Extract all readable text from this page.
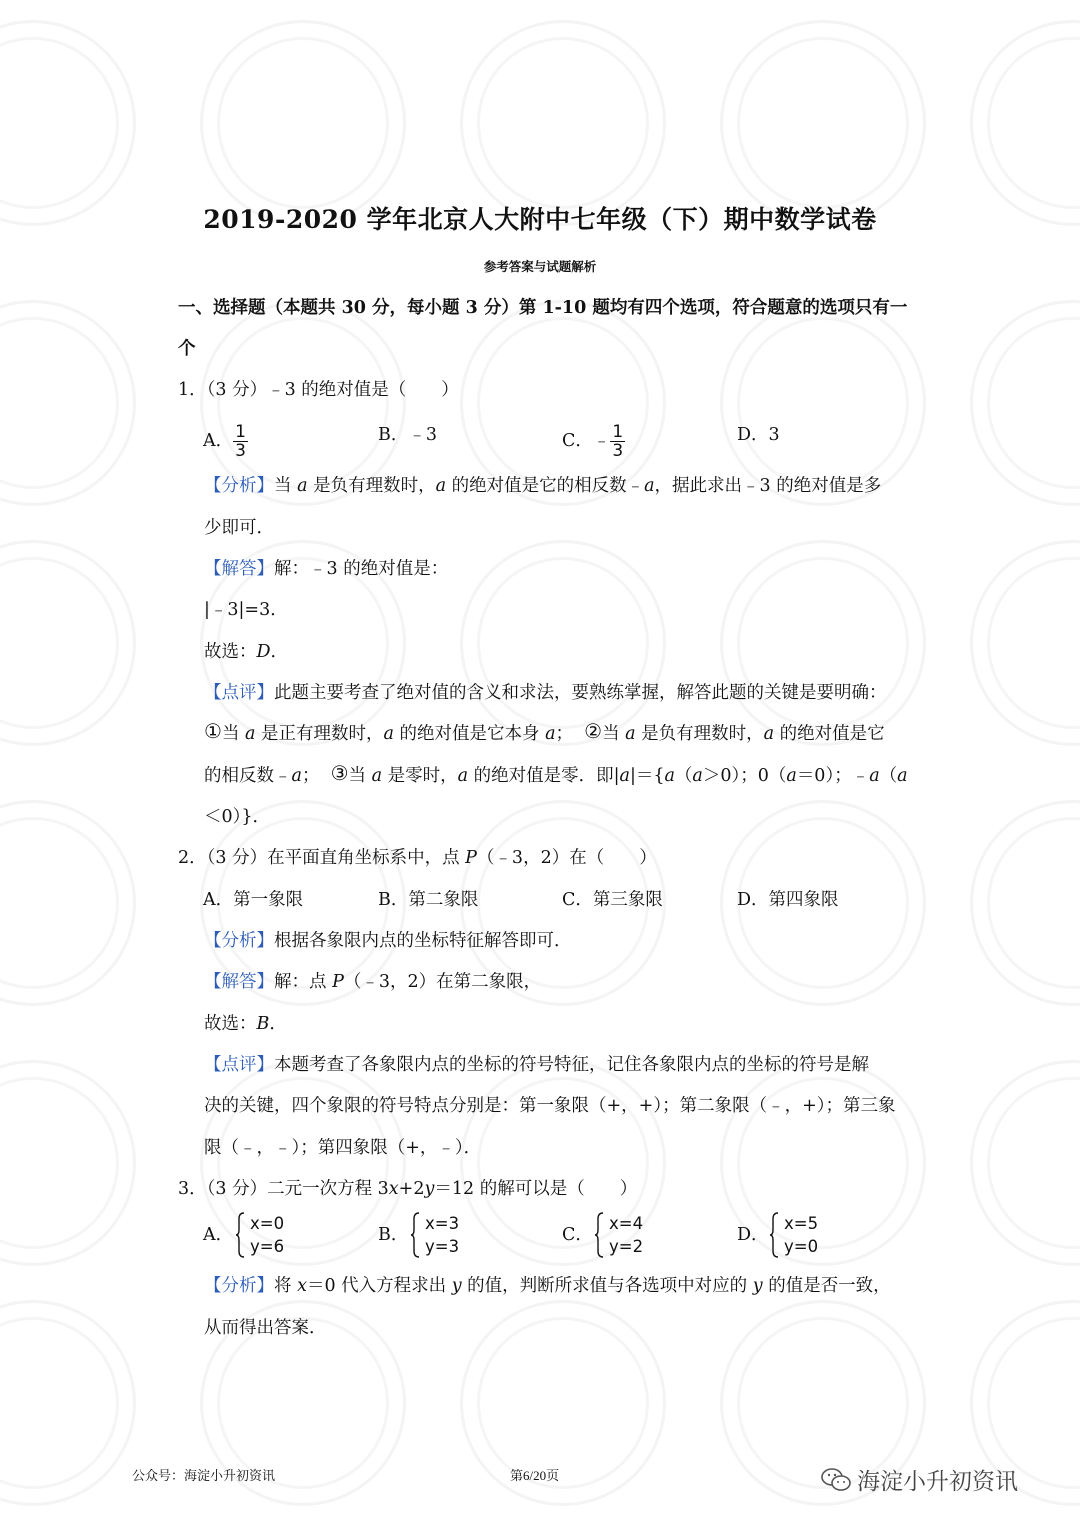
2019-2020 学年北京人大附中七年级（下）期中数学试卷
参考答案与试题解析
一、选择题（本题共 30 分，每小题 3 分）第 1-10 题均有四个选项，符合题意的选项只有一
个
1．（3 分）﹣3 的绝对值是（　　）
A． $\frac{1}{3}$	B．﹣3	C．﹣ $\frac{1}{3}$	D．3
【分析】当 a 是负有理数时，a 的绝对值是它的相反数﹣a，据此求出﹣3 的绝对值是多
少即可．
【解答】解：﹣3 的绝对值是：
|﹣3|=3．
故选：D．
【点评】此题主要考查了绝对值的含义和求法，要熟练掌握，解答此题的关键是要明确：
①当 a 是正有理数时，a 的绝对值是它本身 a； ②当 a 是负有理数时，a 的绝对值是它
的相反数﹣a； ③当 a 是零时，a 的绝对值是零．即|a|＝{a（a＞0）；0（a＝0）；﹣a（a
＜0）}．
2．（3 分）在平面直角坐标系中，点 P（﹣3，2）在（　　）
A．第一象限	B．第二象限	C．第三象限	D．第四象限
【分析】根据各象限内点的坐标特征解答即可．
【解答】解：点 P（﹣3，2）在第二象限，
故选：B．
【点评】本题考查了各象限内点的坐标的符号特征，记住各象限内点的坐标的符号是解
决的关键，四个象限的符号特点分别是：第一象限（+，+）；第二象限（﹣，+）；第三象
限（﹣，﹣）；第四象限（+，﹣）．
3．（3 分）二元一次方程 3x+2y＝12 的解可以是（　　）
A．
x=0
y=6
B．
x=3
y=3
C．
x=4
y=2
D．
x=5
y=0
【分析】将 x＝0 代入方程求出 y 的值，判断所求值与各选项中对应的 y 的值是否一致，
从而得出答案．
公众号：海淀小升初资讯	第6/20页	海淀小升初资讯
